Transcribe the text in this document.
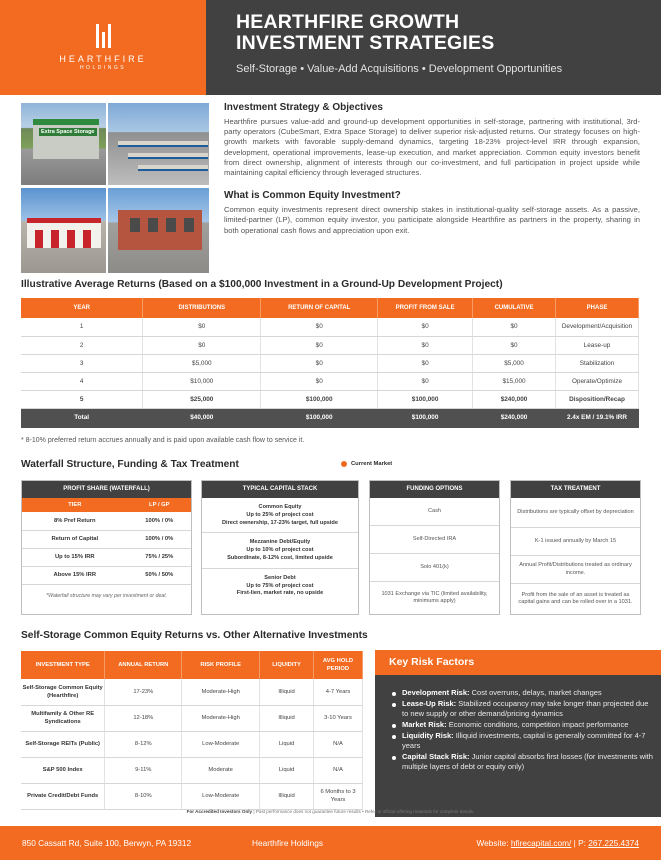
HEARTHFIRE
HOLDINGS
HEARTHFIRE GROWTH
INVESTMENT STRATEGIES
Self-Storage • Value-Add Acquisitions • Development Opportunities
Extra Space Storage
Investment Strategy & Objectives

Hearthfire pursues value-add and ground-up development opportunities in self-storage, partnering with institutional, 3rd-party operators (CubeSmart, Extra Space Storage) to deliver superior risk-adjusted returns. Our strategy focuses on high-growth markets with favorable supply-demand dynamics, targeting 18-23% project-level IRR through expansion, development, operational improvements, lease-up execution, and market appreciation. Common equity investors benefit from direct ownership, alignment of interests through our co-investment, and full participation in project upside while maintaining capital efficiency through leveraged structures.

What is Common Equity Investment?

Common equity investments represent direct ownership stakes in institutional-quality self-storage assets. As a passive, limited-partner (LP), common equity investor, you participate alongside Hearthfire as partners in the property, sharing in both operational cash flows and appreciation upon exit.

Illustrative Average Returns (Based on a $100,000 Investment in a Ground-Up Development Project)
YEAR	DISTRIBUTIONS	RETURN OF CAPITAL	PROFIT FROM SALE	CUMULATIVE	PHASE
1	$0	$0	$0	$0	Development/Acquisition
2	$0	$0	$0	$0	Lease-up
3	$5,000	$0	$0	$5,000	Stabilization
4	$10,000	$0	$0	$15,000	Operate/Optimize
5	$25,000	$100,000	$100,000	$240,000	Disposition/Recap
Total	$40,000	$100,000	$100,000	$240,000	2.4x EM / 19.1% IRR
* 8-10% preferred return accrues annually and is paid upon available cash flow to service it.
Waterfall Structure, Funding & Tax Treatment	Current Market
PROFIT SHARE (WATERFALL)
TIER	LP / GP
8% Pref Return	100% / 0%
Return of Capital	100% / 0%
Up to 15% IRR	75% / 25%
Above 15% IRR	50% / 50%
*Waterfall structure may vary per investment or deal.
TYPICAL CAPITAL STACK
Common Equity
Up to 25% of project cost
Direct ownership, 17-23% target, full upside
Mezzanine Debt/Equity
Up to 10% of project cost
Subordinate, 8-12% cost, limited upside
Senior Debt
Up to 75% of project cost
First-lien, market rate, no upside
FUNDING OPTIONS
Cash
Self-Directed IRA
Solo 401(k)
1031 Exchange via TIC (limited availability, minimums apply)
TAX TREATMENT
Distributions are typically offset by depreciation
K-1 issued annually by March 15
Annual Profit/Distributions treated as ordinary income.
Profit from the sale of an asset is treated as capital gains and can be rolled over in a 1031.
Self-Storage Common Equity Returns vs. Other Alternative Investments
INVESTMENT TYPE	ANNUAL RETURN	RISK PROFILE	LIQUIDITY	AVG HOLD PERIOD
Self-Storage Common Equity (Hearthfire)	17-23%	Moderate-High	Illiquid	4-7 Years
Multifamily & Other RE Syndications	12-18%	Moderate-High	Illiquid	3-10 Years
Self-Storage REITs (Public)	8-12%	Low-Moderate	Liquid	N/A
S&P 500 Index	9-11%	Moderate	Liquid	N/A
Private Credit/Debt Funds	8-10%	Low-Moderate	Illiquid	6 Months to 3 Years
Key Risk Factors
Development Risk: Cost overruns, delays, market changes
Lease-Up Risk: Stabilized occupancy may take longer than projected due to new supply or other demand/pricing dynamics
Market Risk: Economic conditions, competition impact performance
Liquidity Risk: Illiquid investments, capital is generally committed for 4-7 years
Capital Stack Risk: Junior capital absorbs first losses (for investments with multiple layers of debt or equity only)
For Accredited Investors Only | Past performance does not guarantee future results • Refer to official offering materials for complete details.
850 Cassatt Rd, Suite 100, Berwyn, PA 19312	Hearthfire Holdings	Website: hfirecapital.com/ | P: 267.225.4374
